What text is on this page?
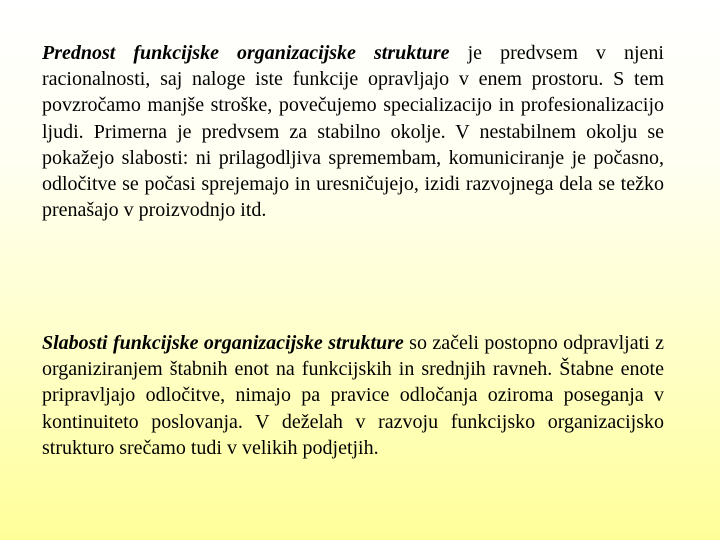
Prednost funkcijske organizacijske strukture je predvsem v njeni racionalnosti, saj naloge iste funkcije opravljajo v enem prostoru. S tem povzročamo manjše stroške, povečujemo specializacijo in profesionalizacijo ljudi. Primerna je predvsem za stabilno okolje. V nestabilnem okolju se pokažejo slabosti: ni prilagodljiva spremembam, komuniciranje je počasno, odločitve se počasi sprejemajo in uresničujejo, izidi razvojnega dela se težko prenašajo v proizvodnjo itd.

Slabosti funkcijske organizacijske strukture so začeli postopno odpravljati z organiziranjem štabnih enot na funkcijskih in srednjih ravneh. Štabne enote pripravljajo odločitve, nimajo pa pravice odločanja oziroma poseganja v kontinuiteto poslovanja. V deželah v razvoju funkcijsko organizacijsko strukturo srečamo tudi v velikih podjetjih.
